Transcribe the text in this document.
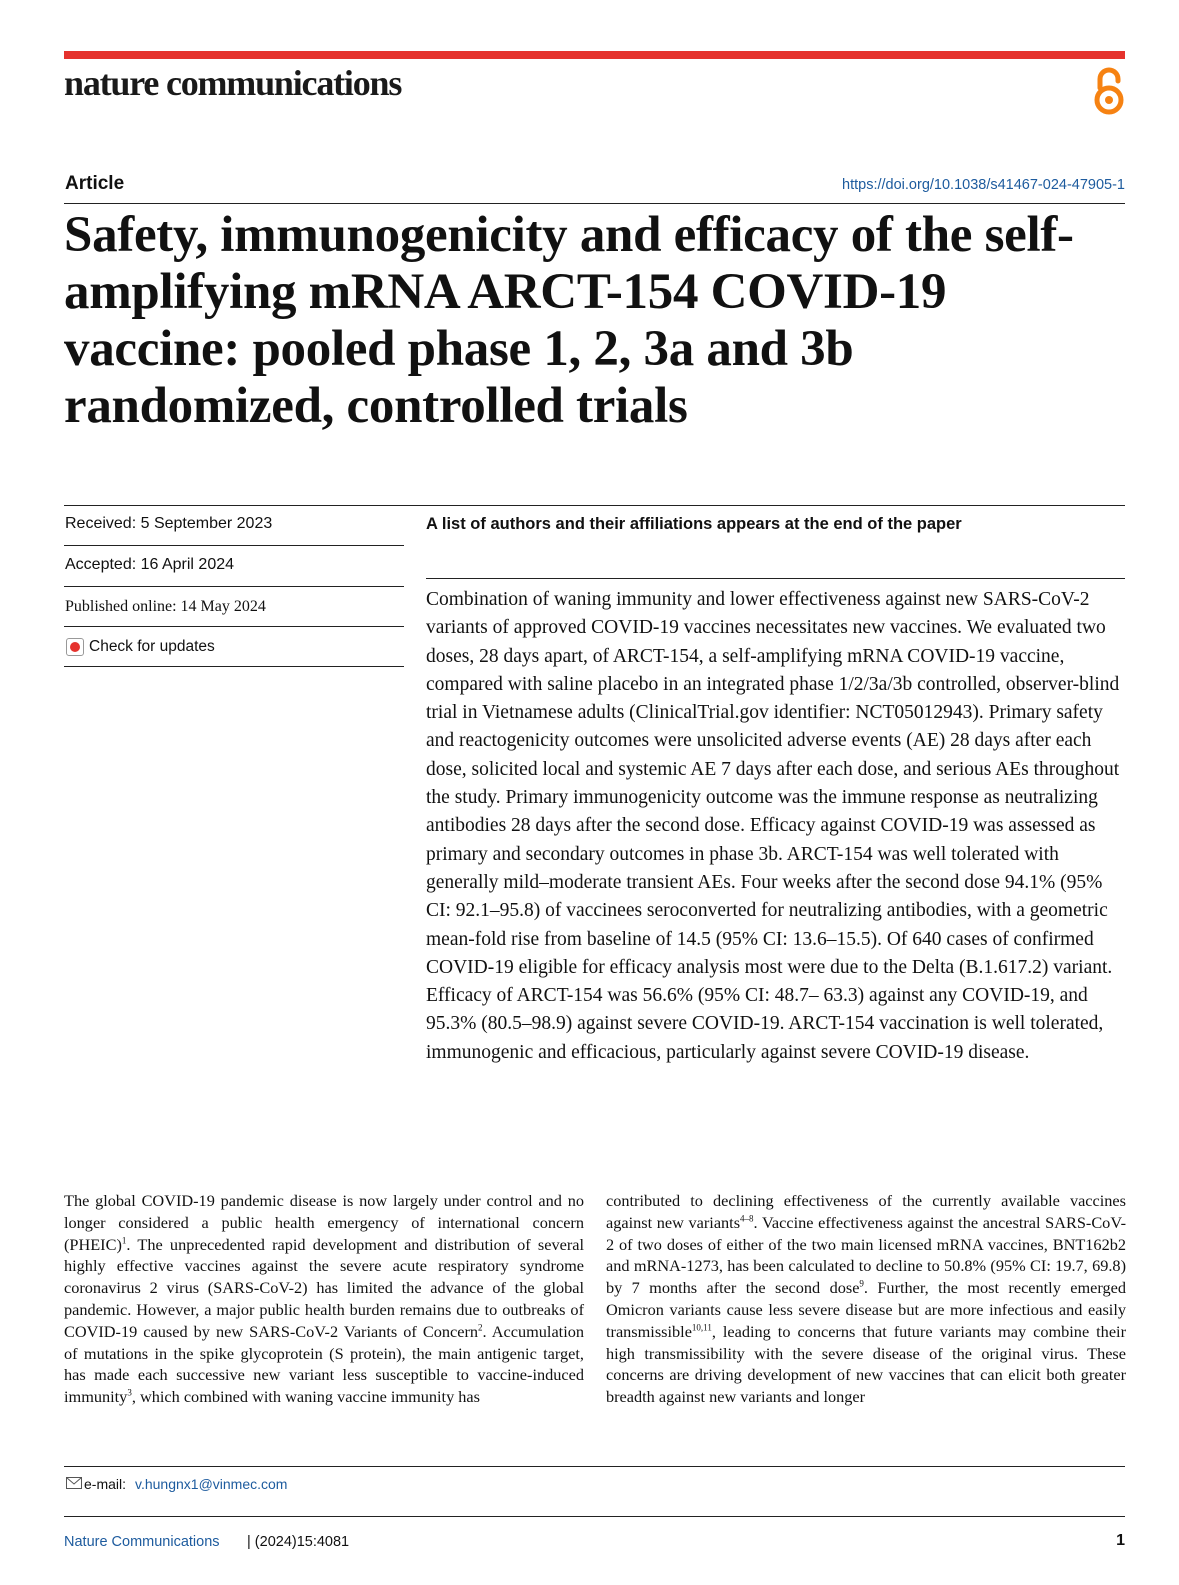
nature communications
Article	https://doi.org/10.1038/s41467-024-47905-1
Safety, immunogenicity and efficacy of the self-amplifying mRNA ARCT-154 COVID-19 vaccine: pooled phase 1, 2, 3a and 3b randomized, controlled trials
Received: 5 September 2023
Accepted: 16 April 2024
Published online: 14 May 2024
Check for updates
A list of authors and their affiliations appears at the end of the paper

Combination of waning immunity and lower effectiveness against new SARS-CoV-2 variants of approved COVID-19 vaccines necessitates new vaccines. We evaluated two doses, 28 days apart, of ARCT-154, a self-amplifying mRNA COVID-19 vaccine, compared with saline placebo in an integrated phase 1/2/3a/3b controlled, observer-blind trial in Vietnamese adults (ClinicalTrial.gov identifier: NCT05012943). Primary safety and reactogenicity outcomes were unsolicited adverse events (AE) 28 days after each dose, solicited local and systemic AE 7 days after each dose, and serious AEs throughout the study. Primary immunogenicity outcome was the immune response as neutralizing antibodies 28 days after the second dose. Efficacy against COVID-19 was assessed as primary and secondary outcomes in phase 3b. ARCT-154 was well tolerated with generally mild–moderate transient AEs. Four weeks after the second dose 94.1% (95% CI: 92.1–95.8) of vaccinees seroconverted for neutralizing antibodies, with a geometric mean-fold rise from baseline of 14.5 (95% CI: 13.6–15.5). Of 640 cases of confirmed COVID-19 eligible for efficacy analysis most were due to the Delta (B.1.617.2) variant. Efficacy of ARCT-154 was 56.6% (95% CI: 48.7– 63.3) against any COVID-19, and 95.3% (80.5–98.9) against severe COVID-19. ARCT-154 vaccination is well tolerated, immunogenic and efficacious, particularly against severe COVID-19 disease.

The global COVID-19 pandemic disease is now largely under control and no longer considered a public health emergency of international concern (PHEIC)$^1$. The unprecedented rapid development and distribution of several highly effective vaccines against the severe acute respiratory syndrome coronavirus 2 virus (SARS-CoV-2) has limited the advance of the global pandemic. However, a major public health burden remains due to outbreaks of COVID-19 caused by new SARS-CoV-2 Variants of Concern$^2$. Accumulation of mutations in the spike glycoprotein (S protein), the main antigenic target, has made each successive new variant less susceptible to vaccine-induced immunity$^3$, which combined with waning vaccine immunity has

contributed to declining effectiveness of the currently available vaccines against new variants$^{4-8}$. Vaccine effectiveness against the ancestral SARS-CoV-2 of two doses of either of the two main licensed mRNA vaccines, BNT162b2 and mRNA-1273, has been calculated to decline to 50.8% (95% CI: 19.7, 69.8) by 7 months after the second dose$^9$. Further, the most recently emerged Omicron variants cause less severe disease but are more infectious and easily transmissible$^{10,11}$, leading to concerns that future variants may combine their high transmissibility with the severe disease of the original virus. These concerns are driving development of new vaccines that can elicit both greater breadth against new variants and longer

e-mail: v.hungnx1@vinmec.com
Nature Communications | (2024)15:4081	1
